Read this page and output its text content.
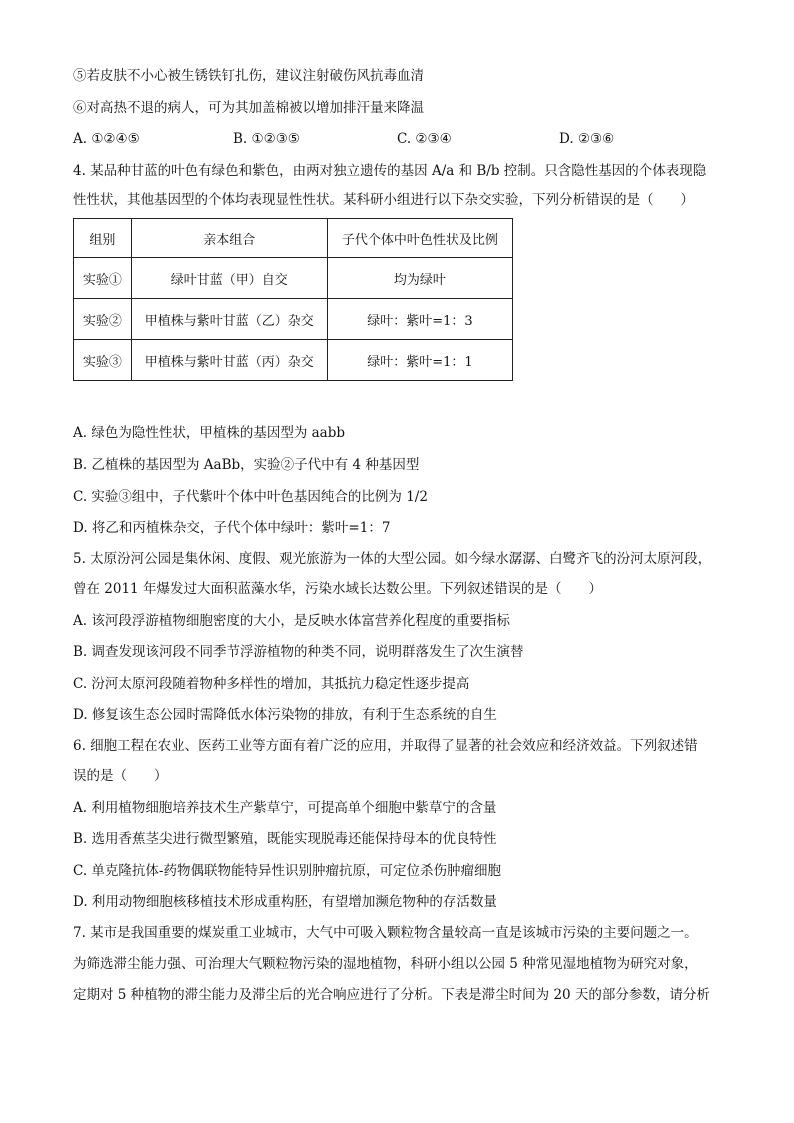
⑤若皮肤不小心被生锈铁钉扎伤，建议注射破伤风抗毒血清
⑥对高热不退的病人，可为其加盖棉被以增加排汗量来降温
A. ①②④⑤	B. ①②③⑤	C. ②③④	D. ②③⑥
4. 某品种甘蓝的叶色有绿色和紫色，由两对独立遗传的基因 A/a 和 B/b 控制。只含隐性基因的个体表现隐
性性状，其他基因型的个体均表现显性性状。某科研小组进行以下杂交实验，下列分析错误的是（　　）
组别	亲本组合	子代个体中叶色性状及比例
实验①	绿叶甘蓝（甲）自交	均为绿叶
实验②	甲植株与紫叶甘蓝（乙）杂交	绿叶：紫叶=1：3
实验③	甲植株与紫叶甘蓝（丙）杂交	绿叶：紫叶=1：1
A. 绿色为隐性性状，甲植株的基因型为 aabb
B. 乙植株的基因型为 AaBb，实验②子代中有 4 种基因型
C. 实验③组中，子代紫叶个体中叶色基因纯合的比例为 1/2
D. 将乙和丙植株杂交，子代个体中绿叶：紫叶=1：7
5. 太原汾河公园是集休闲、度假、观光旅游为一体的大型公园。如今绿水潺潺、白鹭齐飞的汾河太原河段，
曾在 2011 年爆发过大面积蓝藻水华，污染水域长达数公里。下列叙述错误的是（　　）
A. 该河段浮游植物细胞密度的大小，是反映水体富营养化程度的重要指标
B. 调查发现该河段不同季节浮游植物的种类不同，说明群落发生了次生演替
C. 汾河太原河段随着物种多样性的增加，其抵抗力稳定性逐步提高
D. 修复该生态公园时需降低水体污染物的排放，有利于生态系统的自生
6. 细胞工程在农业、医药工业等方面有着广泛的应用，并取得了显著的社会效应和经济效益。下列叙述错
误的是（　　）
A. 利用植物细胞培养技术生产紫草宁，可提高单个细胞中紫草宁的含量
B. 选用香蕉茎尖进行微型繁殖，既能实现脱毒还能保持母本的优良特性
C. 单克隆抗体-药物偶联物能特异性识别肿瘤抗原，可定位杀伤肿瘤细胞
D. 利用动物细胞核移植技术形成重构胚，有望增加濒危物种的存活数量
7. 某市是我国重要的煤炭重工业城市，大气中可吸入颗粒物含量较高一直是该城市污染的主要问题之一。
为筛选滞尘能力强、可治理大气颗粒物污染的湿地植物，科研小组以公园 5 种常见湿地植物为研究对象，
定期对 5 种植物的滞尘能力及滞尘后的光合响应进行了分析。下表是滞尘时间为 20 天的部分参数，请分析
